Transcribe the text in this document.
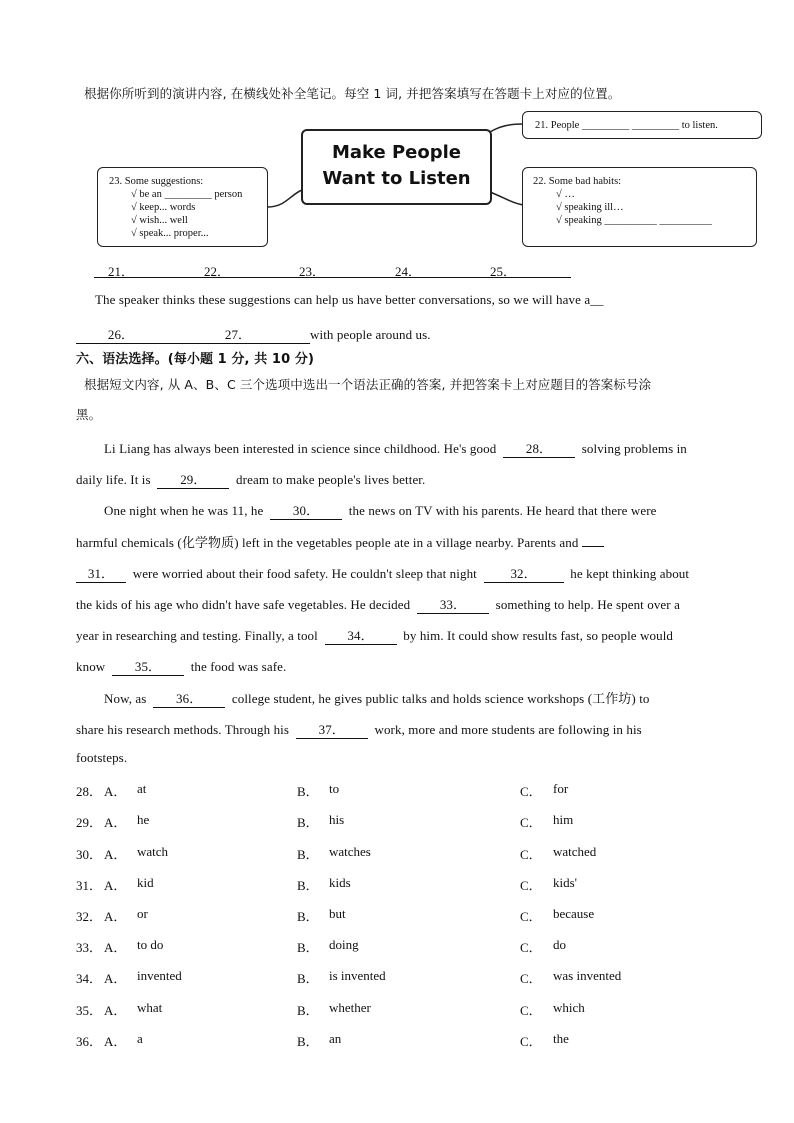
根据你所听到的演讲内容, 在横线处补全笔记。每空 1 词, 并把答案填写在答题卡上对应的位置。
Make People
Want to Listen
21. People _________ _________ to listen.
23. Some suggestions:
√ be an _________ person
√ keep... words
√ wish... well
√ speak... proper...
22. Some bad habits:
√ …
√ speaking ill…
√ speaking __________ __________
21．	22．	23．	24．	25．
The speaker thinks these suggestions can help us have better conversations, so we will have a__
26．	27．	with people around us.
六、语法选择。(每小题 1 分, 共 10 分)
根据短文内容, 从 A、B、C 三个选项中选出一个语法正确的答案, 并把答案卡上对应题目的答案标号涂
黑。
Li Liang has always been interested in science since childhood. He's good 28． solving problems in
daily life. It is 29． dream to make people's lives better.
One night when he was 11, he 30． the news on TV with his parents. He heard that there were
harmful chemicals (化学物质) left in the vegetables people ate in a village nearby. Parents and
31． were worried about their food safety. He couldn't sleep that night	32．	he kept thinking about
the kids of his age who didn't have safe vegetables. He decided 33． something to help. He spent over a
year in researching and testing. Finally, a tool 34． by him. It could show results fast, so people would
know 35． the food was safe.
Now, as 36． college student, he gives public talks and holds science workshops (工作坊) to
share his research methods. Through his 37． work, more and more students are following in his
footsteps.
28． A． at	B． to	C． for
29． A． he	B． his	C． him
30． A． watch	B． watches	C． watched
31． A． kid	B． kids	C． kids'
32． A． or	B． but	C． because
33． A． to do	B． doing	C． do
34． A． invented	B． is invented	C． was invented
35． A． what	B． whether	C． which
36． A． a	B． an	C． the
